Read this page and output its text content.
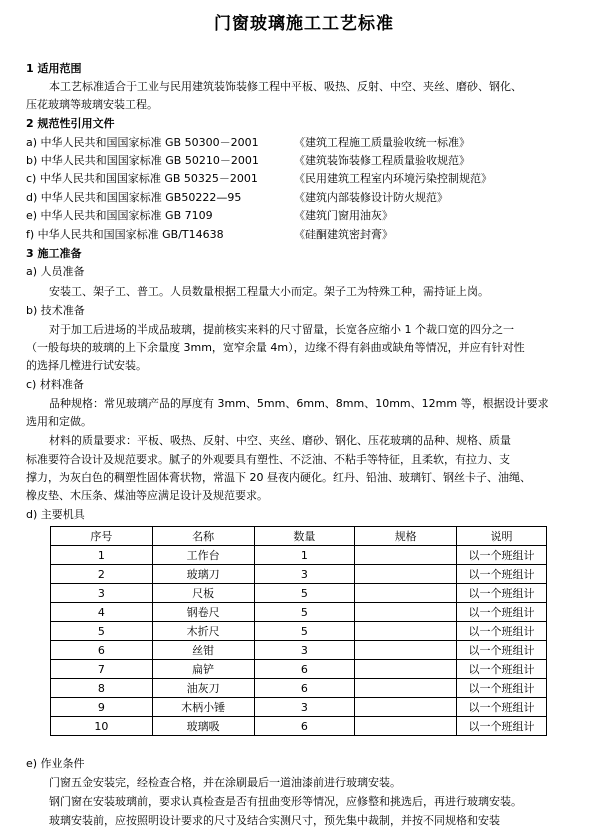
门窗玻璃施工工艺标准
1 适用范围
本工艺标准适合于工业与民用建筑装饰装修工程中平板、吸热、反射、中空、夹丝、磨砂、钢化、
压花玻璃等玻璃安装工程。
2 规范性引用文件
a) 中华人民共和国国家标准 GB 50300－2001	《建筑工程施工质量验收统一标准》
b) 中华人民共和国国家标准 GB 50210－2001	《建筑装饰装修工程质量验收规范》
c) 中华人民共和国国家标准 GB 50325－2001	《民用建筑工程室内环境污染控制规范》
d) 中华人民共和国国家标准 GB50222—95	《建筑内部装修设计防火规范》
e) 中华人民共和国国家标准 GB 7109	《建筑门窗用油灰》
f) 中华人民共和国国家标准 GB/T14638	《硅酮建筑密封膏》
3 施工准备
a) 人员准备
安装工、架子工、普工。人员数量根据工程量大小而定。架子工为特殊工种，需持证上岗。
b) 技术准备
对于加工后进场的半成品玻璃，提前核实来料的尺寸留量，长宽各应缩小 1 个裁口宽的四分之一
（一般每块的玻璃的上下余量度 3mm，宽窄余量 4m），边缘不得有斜曲或缺角等情况，并应有针对性
的选择几樘进行试安装。
c) 材料准备
品种规格：常见玻璃产品的厚度有 3mm、5mm、6mm、8mm、10mm、12mm 等，根据设计要求
选用和定做。
材料的质量要求：平板、吸热、反射、中空、夹丝、磨砂、钢化、压花玻璃的品种、规格、质量
标准要符合设计及规范要求。腻子的外观要具有塑性、不泛油、不粘手等特征，且柔软，有拉力、支
撑力，为灰白色的稠塑性固体膏状物，常温下 20 昼夜内硬化。红丹、铅油、玻璃钉、钢丝卡子、油绳、
橡皮垫、木压条、煤油等应满足设计及规范要求。
d) 主要机具
序号	名称	数量	规格	说明
1	工作台	1		以一个班组计
2	玻璃刀	3		以一个班组计
3	尺板	5		以一个班组计
4	钢卷尺	5		以一个班组计
5	木折尺	5		以一个班组计
6	丝钳	3		以一个班组计
7	扁铲	6		以一个班组计
8	油灰刀	6		以一个班组计
9	木柄小锤	3		以一个班组计
10	玻璃吸	6		以一个班组计
e) 作业条件
门窗五金安装完，经检查合格，并在涂刷最后一道油漆前进行玻璃安装。
钢门窗在安装玻璃前，要求认真检查是否有扭曲变形等情况，应修整和挑选后，再进行玻璃安装。
玻璃安装前，应按照明设计要求的尺寸及结合实测尺寸，预先集中裁制，并按不同规格和安装
